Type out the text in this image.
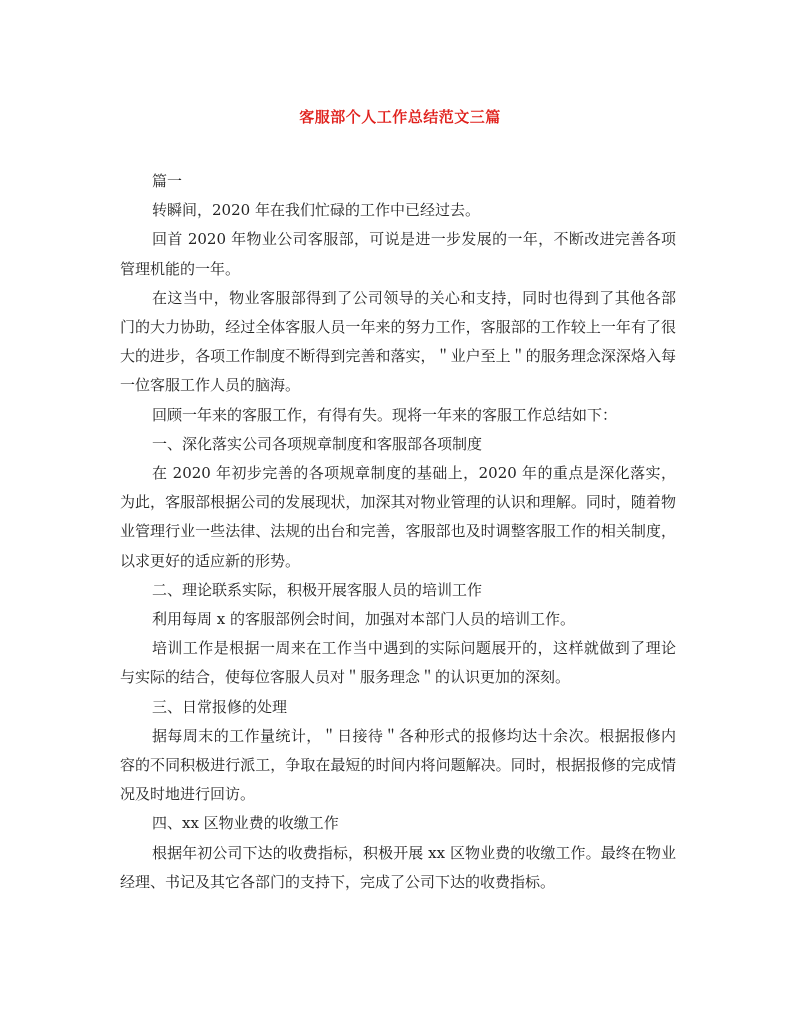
客服部个人工作总结范文三篇

篇一

转瞬间，2020 年在我们忙碌的工作中已经过去。

回首 2020 年物业公司客服部，可说是进一步发展的一年，不断改进完善各项管理机能的一年。

在这当中，物业客服部得到了公司领导的关心和支持，同时也得到了其他各部门的大力协助，经过全体客服人员一年来的努力工作，客服部的工作较上一年有了很大的进步，各项工作制度不断得到完善和落实，＂业户至上＂的服务理念深深烙入每一位客服工作人员的脑海。

回顾一年来的客服工作，有得有失。现将一年来的客服工作总结如下：

一、深化落实公司各项规章制度和客服部各项制度

在 2020 年初步完善的各项规章制度的基础上，2020 年的重点是深化落实，为此，客服部根据公司的发展现状，加深其对物业管理的认识和理解。同时，随着物业管理行业一些法律、法规的出台和完善，客服部也及时调整客服工作的相关制度，以求更好的适应新的形势。

二、理论联系实际，积极开展客服人员的培训工作

利用每周 x 的客服部例会时间，加强对本部门人员的培训工作。

培训工作是根据一周来在工作当中遇到的实际问题展开的，这样就做到了理论与实际的结合，使每位客服人员对＂服务理念＂的认识更加的深刻。

三、日常报修的处理

据每周末的工作量统计，＂日接待＂各种形式的报修均达十余次。根据报修内容的不同积极进行派工，争取在最短的时间内将问题解决。同时，根据报修的完成情况及时地进行回访。

四、xx 区物业费的收缴工作

根据年初公司下达的收费指标，积极开展 xx 区物业费的收缴工作。最终在物业经理、书记及其它各部门的支持下，完成了公司下达的收费指标。
